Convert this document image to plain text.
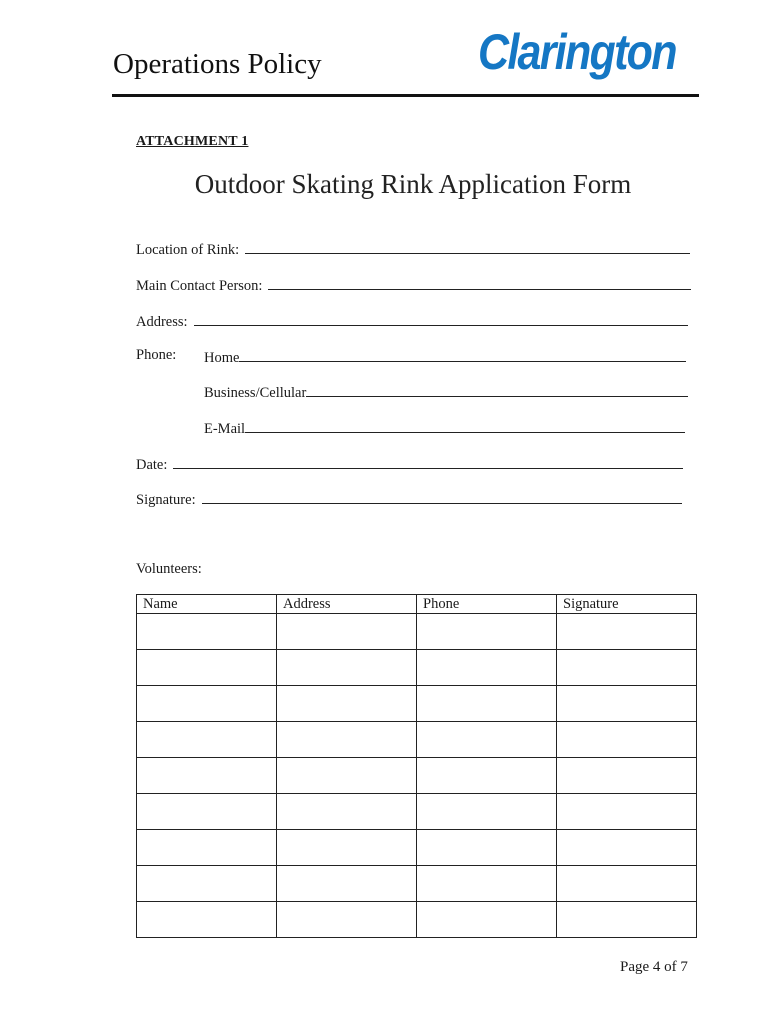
Operations Policy	Clarington
ATTACHMENT 1
Outdoor Skating Rink Application Form
Location of Rink:
Main Contact Person:
Address:
Phone: Home
Business/Cellular
E-Mail
Date:
Signature:
Volunteers:
Name	Address	Phone	Signature

Page 4 of 7
